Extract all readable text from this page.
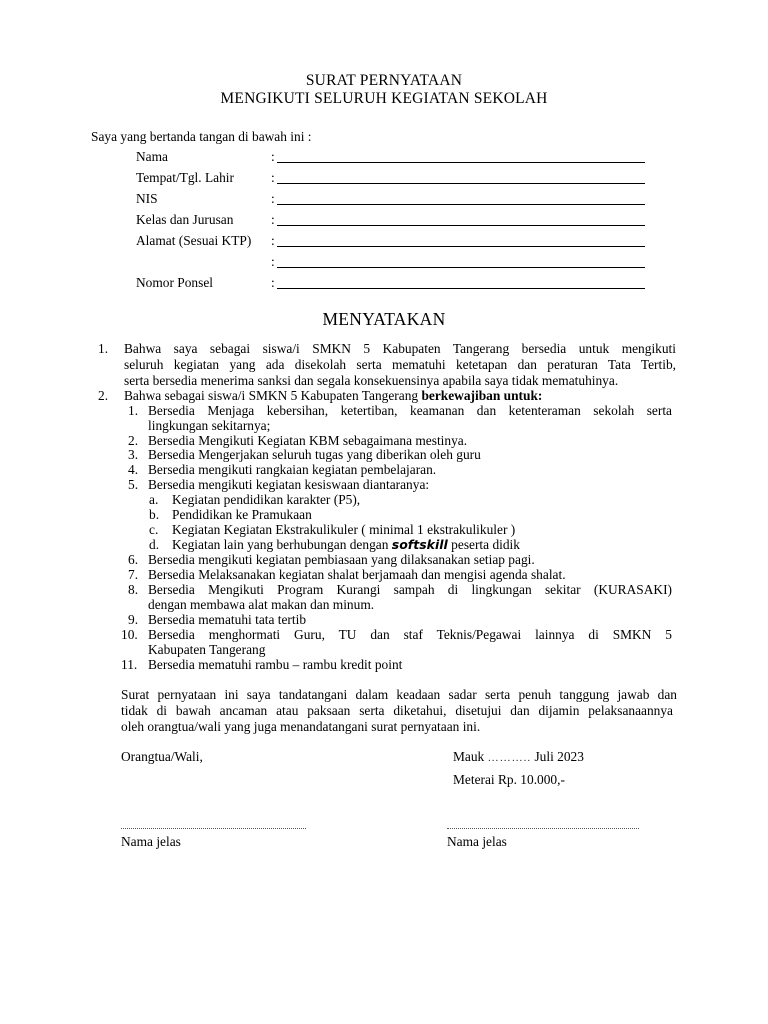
SURAT PERNYATAAN
MENGIKUTI SELURUH KEGIATAN SEKOLAH
Saya yang bertanda tangan di bawah ini :
Nama	:
Tempat/Tgl. Lahir	:
NIS	:
Kelas dan Jurusan	:
Alamat (Sesuai KTP) :
:
Nomor Ponsel	:
MENYATAKAN
1. Bahwa saya sebagai siswa/i SMKN 5 Kabupaten Tangerang bersedia untuk mengikuti
seluruh kegiatan yang ada disekolah serta mematuhi ketetapan dan peraturan Tata Tertib,
serta bersedia menerima sanksi dan segala konsekuensinya apabila saya tidak mematuhinya.
2. Bahwa sebagai siswa/i SMKN 5 Kabupaten Tangerang berkewajiban untuk:
1. Bersedia Menjaga kebersihan, ketertiban, keamanan dan ketenteraman sekolah serta
lingkungan sekitarnya;
2. Bersedia Mengikuti Kegiatan KBM sebagaimana mestinya.
3. Bersedia Mengerjakan seluruh tugas yang diberikan oleh guru
4. Bersedia mengikuti rangkaian kegiatan pembelajaran.
5. Bersedia mengikuti kegiatan kesiswaan diantaranya:
a. Kegiatan pendidikan karakter (P5),
b. Pendidikan ke Pramukaan
c. Kegiatan Kegiatan Ekstrakulikuler ( minimal 1 ekstrakulikuler )
d. Kegiatan lain yang berhubungan dengan softskill peserta didik
6. Bersedia mengikuti kegiatan pembiasaan yang dilaksanakan setiap pagi.
7. Bersedia Melaksanakan kegiatan shalat berjamaah dan mengisi agenda shalat.
8. Bersedia Mengikuti Program Kurangi sampah di lingkungan sekitar (KURASAKI)
dengan membawa alat makan dan minum.
9. Bersedia mematuhi tata tertib
10. Bersedia menghormati Guru, TU dan staf Teknis/Pegawai lainnya di SMKN 5
Kabupaten Tangerang
11. Bersedia mematuhi rambu – rambu kredit point
Surat pernyataan ini saya tandatangani dalam keadaan sadar serta penuh tanggung jawab dan
tidak di bawah ancaman atau paksaan serta diketahui, disetujui dan dijamin pelaksanaannya
oleh orangtua/wali yang juga menandatangani surat pernyataan ini.
Orangtua/Wali,	Mauk ……….. Juli 2023
Meterai Rp. 10.000,-
Nama jelas	Nama jelas
